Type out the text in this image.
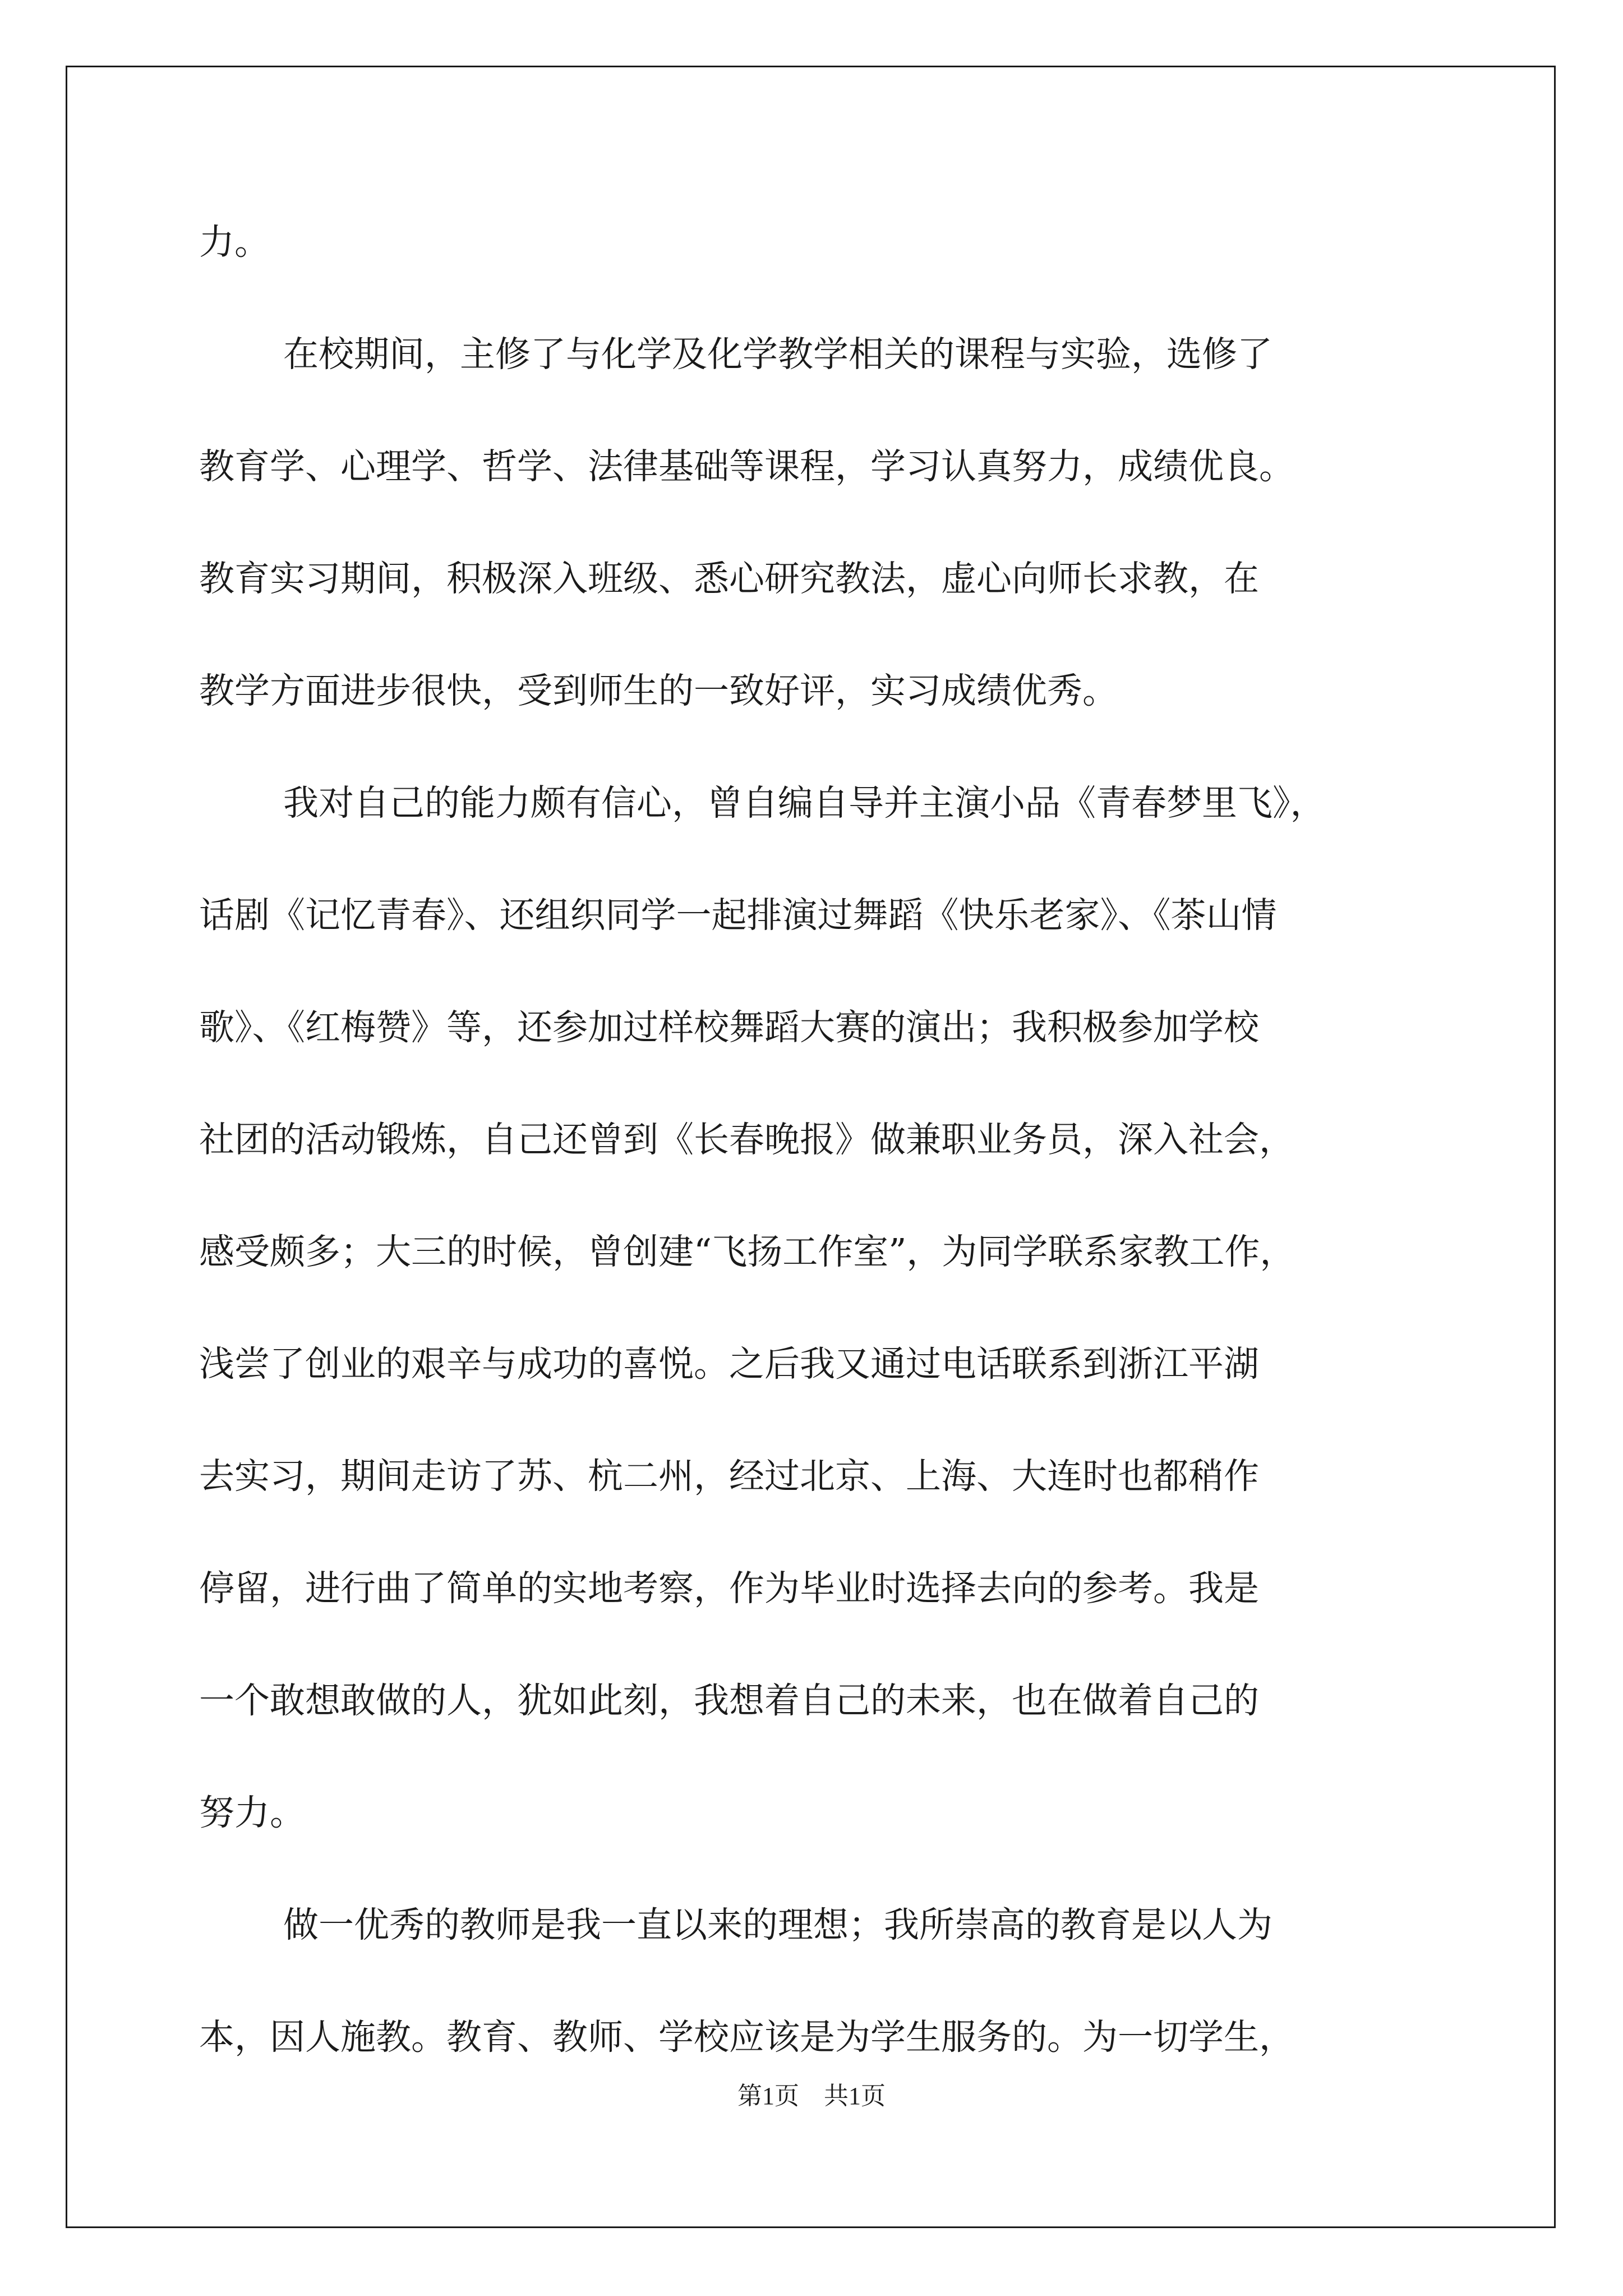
力。
在校期间，主修了与化学及化学教学相关的课程与实验，选修了
教育学、心理学、哲学、法律基础等课程，学习认真努力，成绩优良。
教育实习期间，积极深入班级、悉心研究教法，虚心向师长求教，在
教学方面进步很快，受到师生的一致好评，实习成绩优秀。
我对自己的能力颇有信心，曾自编自导并主演小品《青春梦里飞》，
话剧《记忆青春》、还组织同学一起排演过舞蹈《快乐老家》、《茶山情
歌》、《红梅赞》等，还参加过样校舞蹈大赛的演出；我积极参加学校
社团的活动锻炼，自己还曾到《长春晚报》做兼职业务员，深入社会，
感受颇多；大三的时候，曾创建“飞扬工作室”，为同学联系家教工作，
浅尝了创业的艰辛与成功的喜悦。之后我又通过电话联系到浙江平湖
去实习，期间走访了苏、杭二州，经过北京、上海、大连时也都稍作
停留，进行曲了简单的实地考察，作为毕业时选择去向的参考。我是
一个敢想敢做的人，犹如此刻，我想着自己的未来，也在做着自己的
努力。
做一优秀的教师是我一直以来的理想；我所崇高的教育是以人为
本，因人施教。教育、教师、学校应该是为学生服务的。为一切学生，
第1页　共1页
